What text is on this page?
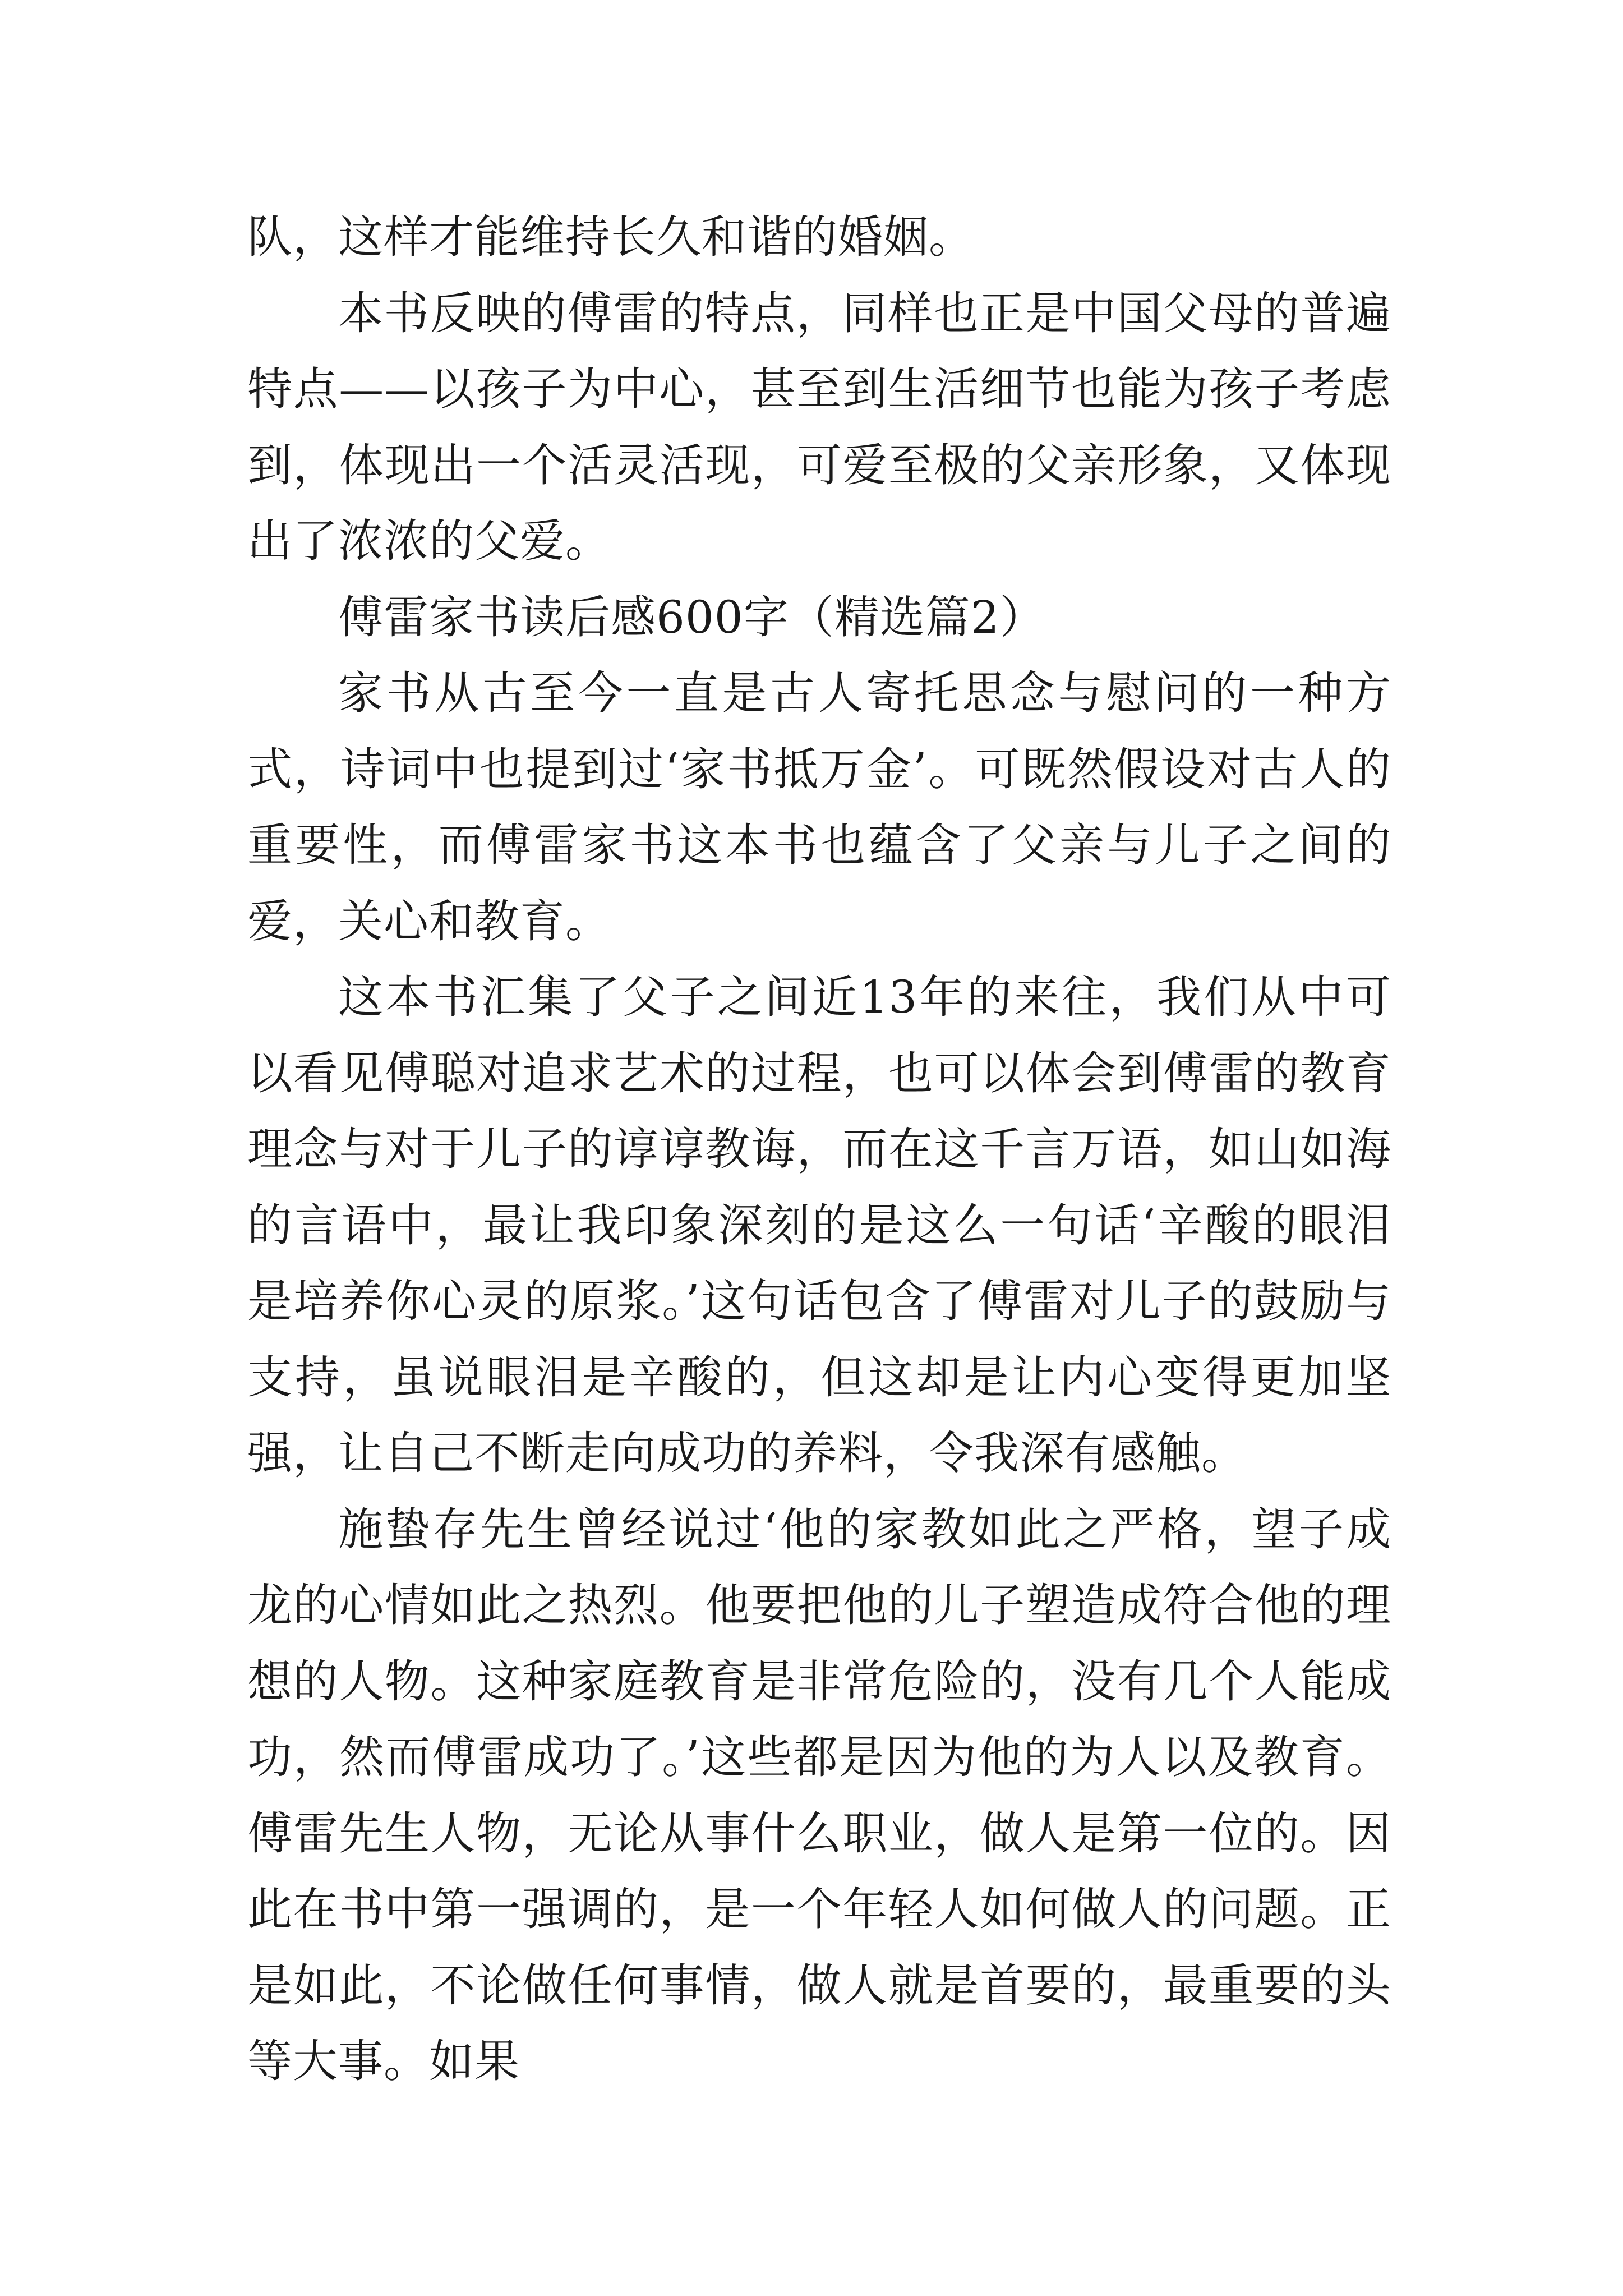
队，这样才能维持长久和谐的婚姻。

本书反映的傅雷的特点，同样也正是中国父母的普遍特点——以孩子为中心，甚至到生活细节也能为孩子考虑到，体现出一个活灵活现，可爱至极的父亲形象，又体现出了浓浓的父爱。

傅雷家书读后感600字（精选篇2）

家书从古至今一直是古人寄托思念与慰问的一种方式，诗词中也提到过‘家书抵万金’。可既然假设对古人的重要性，而傅雷家书这本书也蕴含了父亲与儿子之间的爱，关心和教育。

这本书汇集了父子之间近13年的来往，我们从中可以看见傅聪对追求艺术的过程，也可以体会到傅雷的教育理念与对于儿子的谆谆教诲，而在这千言万语，如山如海的言语中，最让我印象深刻的是这么一句话‘辛酸的眼泪是培养你心灵的原浆。’这句话包含了傅雷对儿子的鼓励与支持，虽说眼泪是辛酸的，但这却是让内心变得更加坚强，让自己不断走向成功的养料，令我深有感触。

施蛰存先生曾经说过‘他的家教如此之严格，望子成龙的心情如此之热烈。他要把他的儿子塑造成符合他的理想的人物。这种家庭教育是非常危险的，没有几个人能成功，然而傅雷成功了。’这些都是因为他的为人以及教育。傅雷先生人物，无论从事什么职业，做人是第一位的。因此在书中第一强调的，是一个年轻人如何做人的问题。正是如此，不论做任何事情，做人就是首要的，最重要的头等大事。如果
